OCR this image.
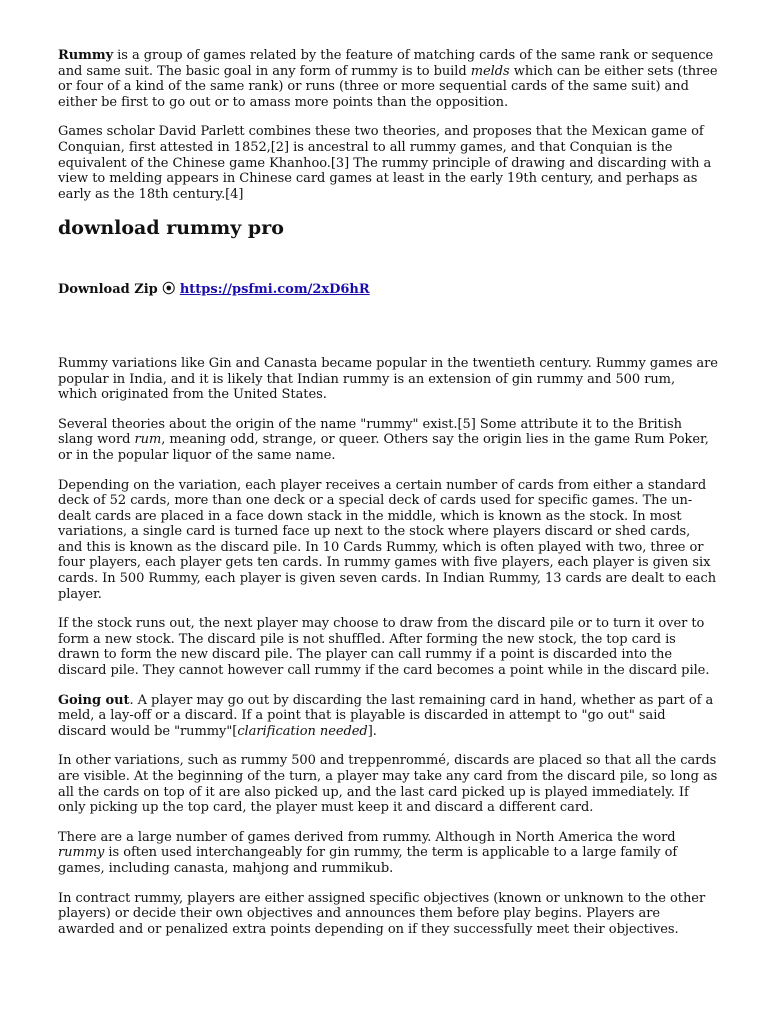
Rummy is a group of games related by the feature of matching cards of the same rank or sequence and same suit. The basic goal in any form of rummy is to build melds which can be either sets (three or four of a kind of the same rank) or runs (three or more sequential cards of the same suit) and either be first to go out or to amass more points than the opposition.

Games scholar David Parlett combines these two theories, and proposes that the Mexican game of Conquian, first attested in 1852,[2] is ancestral to all rummy games, and that Conquian is the equivalent of the Chinese game Khanhoo.[3] The rummy principle of drawing and discarding with a view to melding appears in Chinese card games at least in the early 19th century, and perhaps as early as the 18th century.[4]

download rummy pro
Download Zip ⦿ https://psfmi.com/2xD6hR

Rummy variations like Gin and Canasta became popular in the twentieth century. Rummy games are popular in India, and it is likely that Indian rummy is an extension of gin rummy and 500 rum, which originated from the United States.

Several theories about the origin of the name "rummy" exist.[5] Some attribute it to the British slang word rum, meaning odd, strange, or queer. Others say the origin lies in the game Rum Poker, or in the popular liquor of the same name.

Depending on the variation, each player receives a certain number of cards from either a standard deck of 52 cards, more than one deck or a special deck of cards used for specific games. The un-dealt cards are placed in a face down stack in the middle, which is known as the stock. In most variations, a single card is turned face up next to the stock where players discard or shed cards, and this is known as the discard pile. In 10 Cards Rummy, which is often played with two, three or four players, each player gets ten cards. In rummy games with five players, each player is given six cards. In 500 Rummy, each player is given seven cards. In Indian Rummy, 13 cards are dealt to each player.

If the stock runs out, the next player may choose to draw from the discard pile or to turn it over to form a new stock. The discard pile is not shuffled. After forming the new stock, the top card is drawn to form the new discard pile. The player can call rummy if a point is discarded into the discard pile. They cannot however call rummy if the card becomes a point while in the discard pile.

Going out. A player may go out by discarding the last remaining card in hand, whether as part of a meld, a lay-off or a discard. If a point that is playable is discarded in attempt to "go out" said discard would be "rummy"[clarification needed].

In other variations, such as rummy 500 and treppenrommé, discards are placed so that all the cards are visible. At the beginning of the turn, a player may take any card from the discard pile, so long as all the cards on top of it are also picked up, and the last card picked up is played immediately. If only picking up the top card, the player must keep it and discard a different card.

There are a large number of games derived from rummy. Although in North America the word rummy is often used interchangeably for gin rummy, the term is applicable to a large family of games, including canasta, mahjong and rummikub.

In contract rummy, players are either assigned specific objectives (known or unknown to the other players) or decide their own objectives and announces them before play begins. Players are awarded and or penalized extra points depending on if they successfully meet their objectives.
